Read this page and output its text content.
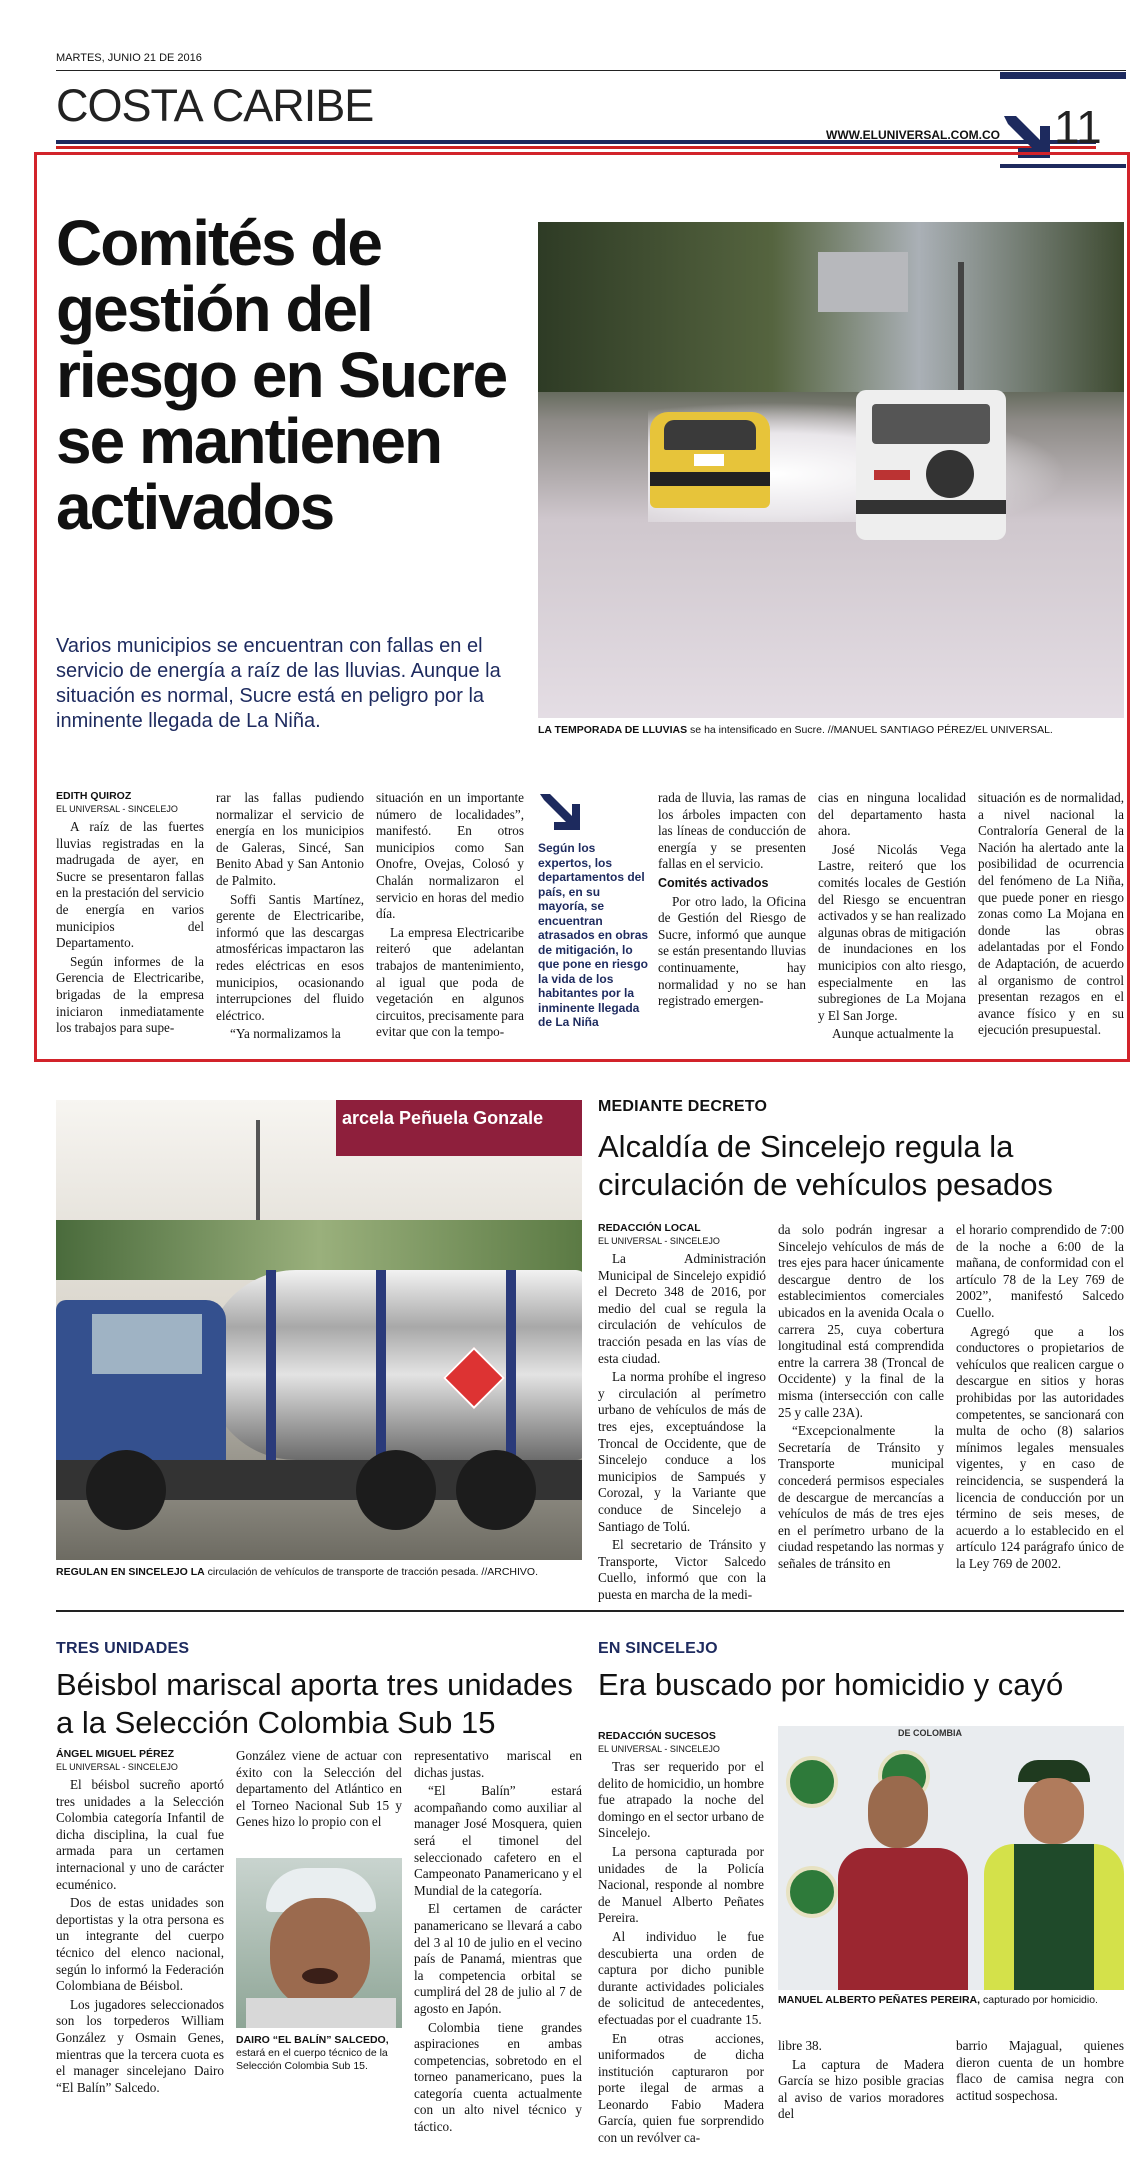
MARTES, JUNIO 21 DE 2016
COSTA CARIBE
WWW.ELUNIVERSAL.COM.CO 11
Comités de gestión del riesgo en Sucre se mantienen activados
Varios municipios se encuentran con fallas en el servicio de energía a raíz de las lluvias. Aunque la situación es normal, Sucre está en peligro por la inminente llegada de La Niña.	LA TEMPORADA DE LLUVIAS se ha intensificado en Sucre. //MANUEL SANTIAGO PÉREZ/EL UNIVERSAL.
EDITH QUIROZ
EL UNIVERSAL - SINCELEJO

A raíz de las fuertes lluvias registradas en la madrugada de ayer, en Sucre se presentaron fallas en la prestación del servicio de energía en varios municipios del Departamento.

Según informes de la Gerencia de Electricaribe, brigadas de la empresa iniciaron inmediatamente los trabajos para supe-

rar las fallas pudiendo normalizar el servicio de energía en los municipios de Galeras, Sincé, San Benito Abad y San Antonio de Palmito.

Soffi Santis Martínez, gerente de Electricaribe, informó que las descargas atmosféricas impactaron las redes eléctricas en esos municipios, ocasionando interrupciones del fluido eléctrico.

“Ya normalizamos la

situación en un importante número de localidades”, manifestó. En otros municipios como San Onofre, Ovejas, Colosó y Chalán normalizaron el servicio en horas del medio día.

La empresa Electricaribe reiteró que adelantan trabajos de mantenimiento, al igual que poda de vegetación en algunos circuitos, precisamente para evitar que con la tempo-

Según los expertos, los departamentos del país, en su mayoría, se encuentran atrasados en obras de mitigación, lo que pone en riesgo la vida de los habitantes por la inminente llegada de La Niña

rada de lluvia, las ramas de los árboles impacten con las líneas de conducción de energía y se presenten fallas en el servicio.

Comités activados

Por otro lado, la Oficina de Gestión del Riesgo de Sucre, informó que aunque se están presentando lluvias continuamente, hay normalidad y no se han registrado emergen-

cias en ninguna localidad del departamento hasta ahora.

José Nicolás Vega Lastre, reiteró que los comités locales de Gestión del Riesgo se encuentran activados y se han realizado algunas obras de mitigación de inundaciones en los municipios con alto riesgo, especialmente en las subregiones de La Mojana y El San Jorge.

Aunque actualmente la

situación es de normalidad, a nivel nacional la Contraloría General de la Nación ha alertado ante la posibilidad de ocurrencia del fenómeno de La Niña, que puede poner en riesgo zonas como La Mojana en donde las obras adelantadas por el Fondo de Adaptación, de acuerdo al organismo de control presentan rezagos en el avance físico y en su ejecución presupuestal.

arcela Peñuela Gonzale
REGULAN EN SINCELEJO LA circulación de vehículos de transporte de tracción pesada. //ARCHIVO.
MEDIANTE DECRETO
Alcaldía de Sincelejo regula la circulación de vehículos pesados
REDACCIÓN LOCAL
EL UNIVERSAL - SINCELEJO

La Administración Municipal de Sincelejo expidió el Decreto 348 de 2016, por medio del cual se regula la circulación de vehículos de tracción pesada en las vías de esta ciudad.

La norma prohíbe el ingreso y circulación al perímetro urbano de vehículos de más de tres ejes, exceptuándose la Troncal de Occidente, que de Sincelejo conduce a los municipios de Sampués y Corozal, y la Variante que conduce de Sincelejo a Santiago de Tolú.

El secretario de Tránsito y Transporte, Victor Salcedo Cuello, informó que con la puesta en marcha de la medi-

da solo podrán ingresar a Sincelejo vehículos de más de tres ejes para hacer únicamente descargue dentro de los establecimientos comerciales ubicados en la avenida Ocala o carrera 25, cuya cobertura longitudinal está comprendida entre la carrera 38 (Troncal de Occidente) y la final de la misma (intersección con calle 25 y calle 23A).

“Excepcionalmente la Secretaría de Tránsito y Transporte municipal concederá permisos especiales de descargue de mercancías a vehículos de más de tres ejes en el perímetro urbano de la ciudad respetando las normas y señales de tránsito en

el horario comprendido de 7:00 de la noche a 6:00 de la mañana, de conformidad con el artículo 78 de la Ley 769 de 2002”, manifestó Salcedo Cuello.

Agregó que a los conductores o propietarios de vehículos que realicen cargue o descargue en sitios y horas prohibidas por las autoridades competentes, se sancionará con multa de ocho (8) salarios mínimos legales mensuales vigentes, y en caso de reincidencia, se suspenderá la licencia de conducción por un término de seis meses, de acuerdo a lo establecido en el artículo 124 parágrafo único de la Ley 769 de 2002.

TRES UNIDADES
Béisbol mariscal aporta tres unidades a la Selección Colombia Sub 15
ÁNGEL MIGUEL PÉREZ
EL UNIVERSAL - SINCELEJO

El béisbol sucreño aportó tres unidades a la Selección Colombia categoría Infantil de dicha disciplina, la cual fue armada para un certamen internacional y uno de carácter ecuménico.

Dos de estas unidades son deportistas y la otra persona es un integrante del cuerpo técnico del elenco nacional, según lo informó la Federación Colombiana de Béisbol.

Los jugadores seleccionados son los torpederos William González y Osmain Genes, mientras que la tercera cuota es el manager sincelejano Dairo “El Balín” Salcedo.

González viene de actuar con éxito con la Selección del departamento del Atlántico en el Torneo Nacional Sub 15 y Genes hizo lo propio con el

DAIRO “EL BALÍN” SALCEDO, estará en el cuerpo técnico de la Selección Colombia Sub 15.

representativo mariscal en dichas justas.

“El Balín” estará acompañando como auxiliar al manager José Mosquera, quien será el timonel del seleccionado cafetero en el Campeonato Panamericano y el Mundial de la categoría.

El certamen de carácter panamericano se llevará a cabo del 3 al 10 de julio en el vecino país de Panamá, mientras que la competencia orbital se cumplirá del 28 de julio al 7 de agosto en Japón.

Colombia tiene grandes aspiraciones en ambas competencias, sobretodo en el torneo panamericano, pues la categoría cuenta actualmente con un alto nivel técnico y táctico.

EN SINCELEJO
Era buscado por homicidio y cayó
REDACCIÓN SUCESOS
EL UNIVERSAL - SINCELEJO

Tras ser requerido por el delito de homicidio, un hombre fue atrapado la noche del domingo en el sector urbano de Sincelejo.

La persona capturada por unidades de la Policía Nacional, responde al nombre de Manuel Alberto Peñates Pereira.

Al individuo le fue descubierta una orden de captura por dicho punible durante actividades policiales de solicitud de antecedentes, efectuadas por el cuadrante 15.

En otras acciones, uniformados de dicha institución capturaron por porte ilegal de armas a Leonardo Fabio Madera García, quien fue sorprendido con un revólver ca-

DE COLOMBIA
MANUEL ALBERTO PEÑATES PEREIRA, capturado por homicidio.

libre 38.

La captura de Madera García se hizo posible gracias al aviso de varios moradores del

barrio Majagual, quienes dieron cuenta de un hombre flaco de camisa negra con actitud sospechosa.
